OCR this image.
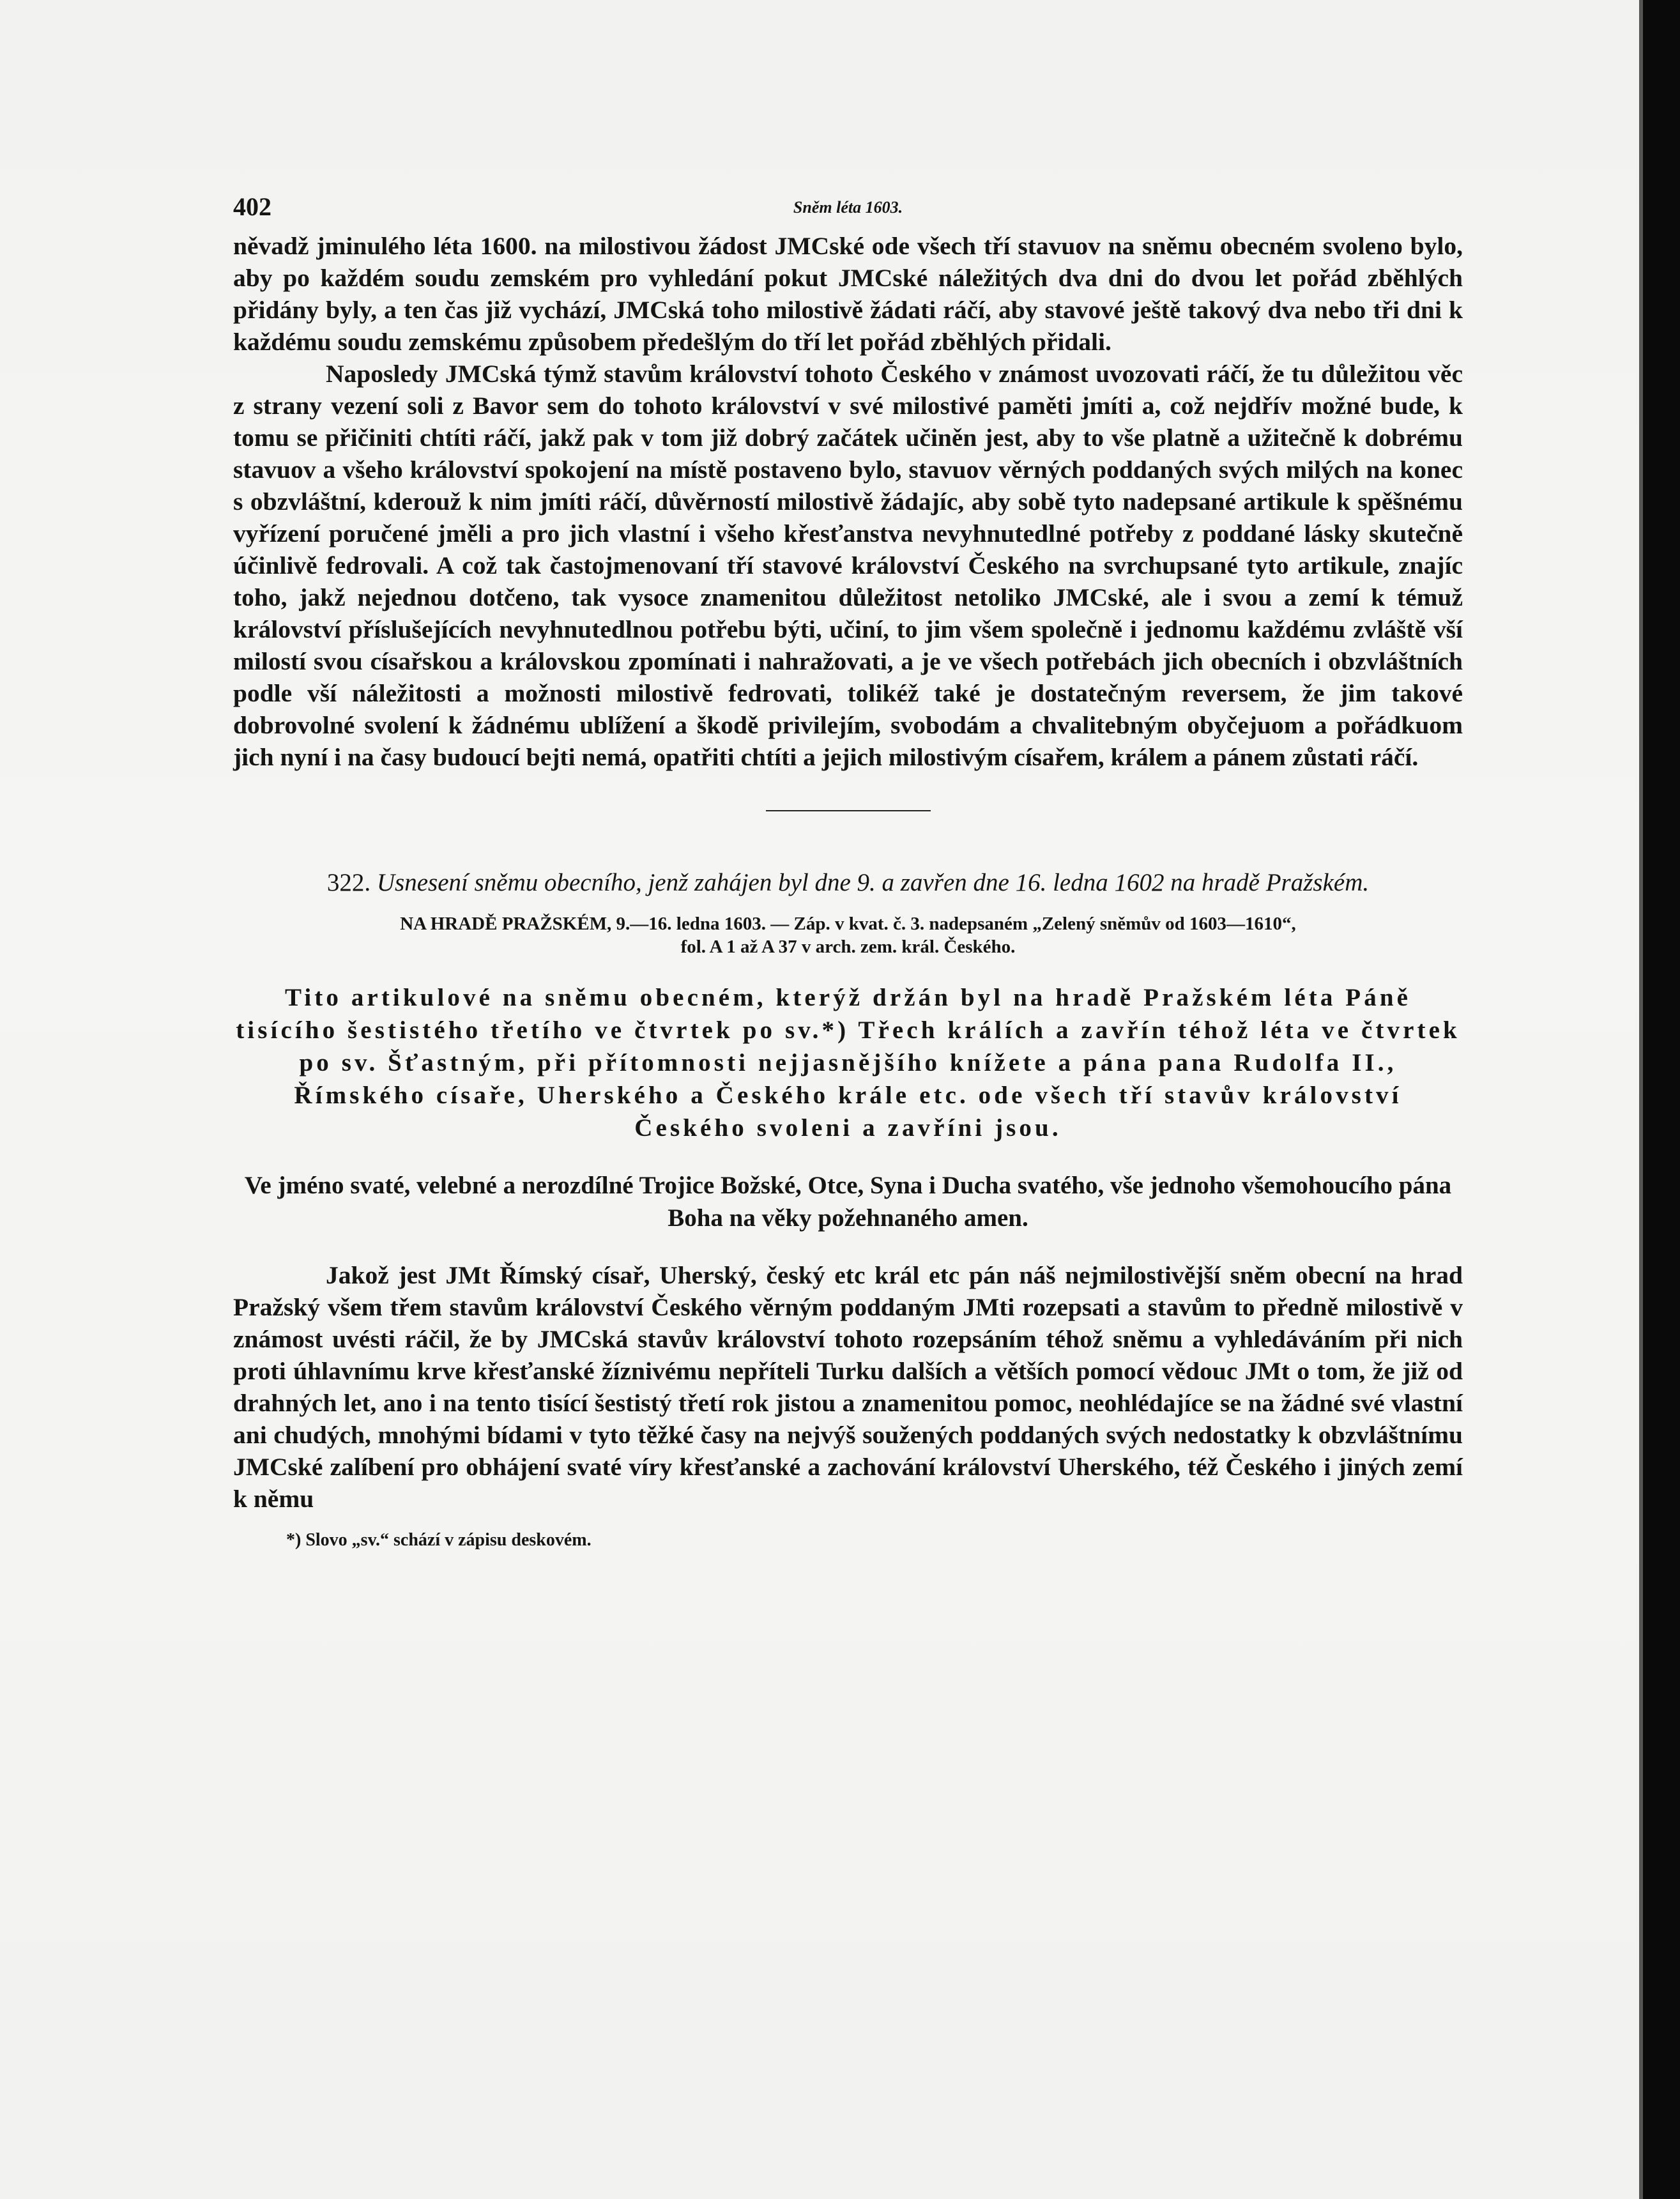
402	Sněm léta 1603.

něvadž jminulého léta 1600. na milostivou žádost JMCské ode všech tří stavuov na sněmu obecném svoleno bylo, aby po každém soudu zemském pro vyhledání pokut JMCské náležitých dva dni do dvou let pořád zběhlých přidány byly, a ten čas již vychází, JMCská toho milostivě žádati ráčí, aby stavové ještě takový dva nebo tři dni k každému soudu zemskému způsobem předešlým do tří let pořád zběhlých přidali.

Naposledy JMCská týmž stavům království tohoto Českého v známost uvozovati ráčí, že tu důležitou věc z strany vezení soli z Bavor sem do tohoto království v své milostivé paměti jmíti a, což nejdřív možné bude, k tomu se přičiniti chtíti ráčí, jakž pak v tom již dobrý začátek učiněn jest, aby to vše platně a užitečně k dobrému stavuov a všeho království spokojení na místě postaveno bylo, stavuov věrných poddaných svých milých na konec s obzvláštní, kderouž k nim jmíti ráčí, důvěrností milostivě žádajíc, aby sobě tyto nadepsané artikule k spěšnému vyřízení poručené jměli a pro jich vlastní i všeho křesťanstva nevyhnutedlné potřeby z poddané lásky skutečně účinlivě fedrovali. A což tak častojmenovaní tří stavové království Českého na svrchupsané tyto artikule, znajíc toho, jakž nejednou dotčeno, tak vysoce znamenitou důležitost netoliko JMCské, ale i svou a zemí k témuž království příslušejících nevyhnutedlnou potřebu býti, učiní, to jim všem společně i jednomu každému zvláště vší milostí svou císařskou a královskou zpomínati i nahražovati, a je ve všech potřebách jich obecních i obzvláštních podle vší náležitosti a možnosti milostivě fedrovati, tolikéž také je dostatečným reversem, že jim takové dobrovolné svolení k žádnému ublížení a škodě privilejím, svobodám a chvalitebným obyčejuom a pořádkuom jich nyní i na časy budoucí bejti nemá, opatřiti chtíti a jejich milostivým císařem, králem a pánem zůstati ráčí.

322. Usnesení sněmu obecního, jenž zahájen byl dne 9. a zavřen dne 16. ledna 1602 na hradě Pražském.
NA HRADĚ PRAŽSKÉM, 9.—16. ledna 1603. — Záp. v kvat. č. 3. nadepsaném „Zelený sněmův od 1603—1610“,
fol. A 1 až A 37 v arch. zem. král. Českého.

Tito artikulové na sněmu obecném, kterýž držán byl na hradě Pražském léta Páně tisícího šestistého třetího ve čtvrtek po sv.*) Třech králích a zavřín téhož léta ve čtvrtek po sv. Šťastným, při přítomnosti nejjasnějšího knížete a pána pana Rudolfa II., Římského císaře, Uherského a Českého krále etc. ode všech tří stavův království Českého svoleni a zavříni jsou.

Ve jméno svaté, velebné a nerozdílné Trojice Božské, Otce, Syna i Ducha svatého, vše jednoho všemohoucího pána Boha na věky požehnaného amen.

Jakož jest JMt Římský císař, Uherský, český etc král etc pán náš nejmilostivější sněm obecní na hrad Pražský všem třem stavům království Českého věrným poddaným JMti rozepsati a stavům to předně milostivě v známost uvésti ráčil, že by JMCská stavův království tohoto rozepsáním téhož sněmu a vyhledáváním při nich proti úhlavnímu krve křesťanské žíznivému nepříteli Turku dalších a větších pomocí vědouc JMt o tom, že již od drahných let, ano i na tento tisící šestistý třetí rok jistou a znamenitou pomoc, neohlédajíce se na žádné své vlastní ani chudých, mnohými bídami v tyto těžké časy na nejvýš soužených poddaných svých nedostatky k obzvláštnímu JMCské zalíbení pro obhájení svaté víry křesťanské a zachování království Uherského, též Českého i jiných zemí k němu

*) Slovo „sv.“ schází v zápisu deskovém.
